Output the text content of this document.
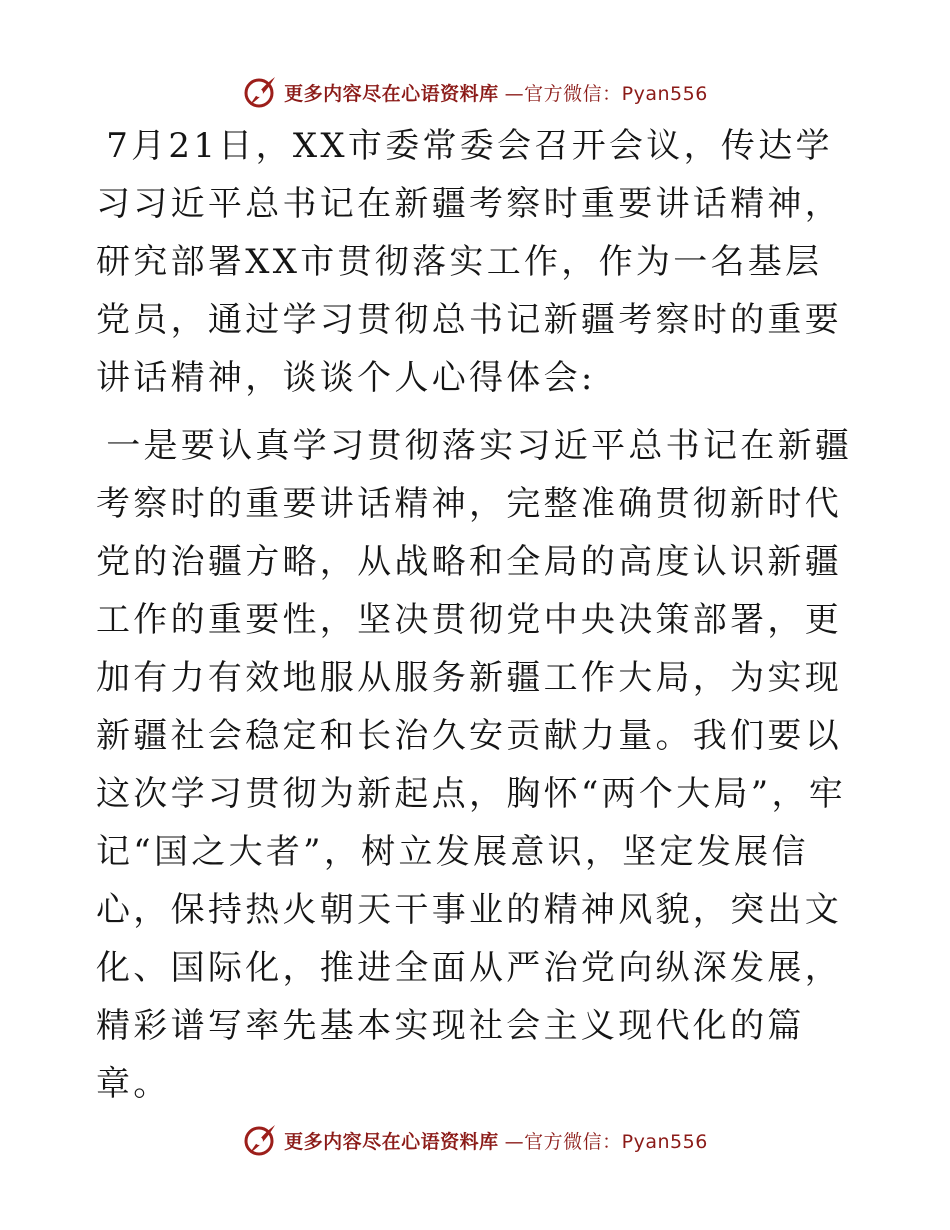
更多内容尽在心语资料库 —官方微信：Pyan556

7月21日，XX市委常委会召开会议，传达学习习近平总书记在新疆考察时重要讲话精神，研究部署XX市贯彻落实工作，作为一名基层党员，通过学习贯彻总书记新疆考察时的重要讲话精神，谈谈个人心得体会:

一是要认真学习贯彻落实习近平总书记在新疆考察时的重要讲话精神，完整准确贯彻新时代党的治疆方略，从战略和全局的高度认识新疆工作的重要性，坚决贯彻党中央决策部署，更加有力有效地服从服务新疆工作大局，为实现新疆社会稳定和长治久安贡献力量。我们要以这次学习贯彻为新起点，胸怀“两个大局”，牢记“国之大者”，树立发展意识，坚定发展信心，保持热火朝天干事业的精神风貌，突出文化、国际化，推进全面从严治党向纵深发展，精彩谱写率先基本实现社会主义现代化的篇章。

更多内容尽在心语资料库 —官方微信：Pyan556
